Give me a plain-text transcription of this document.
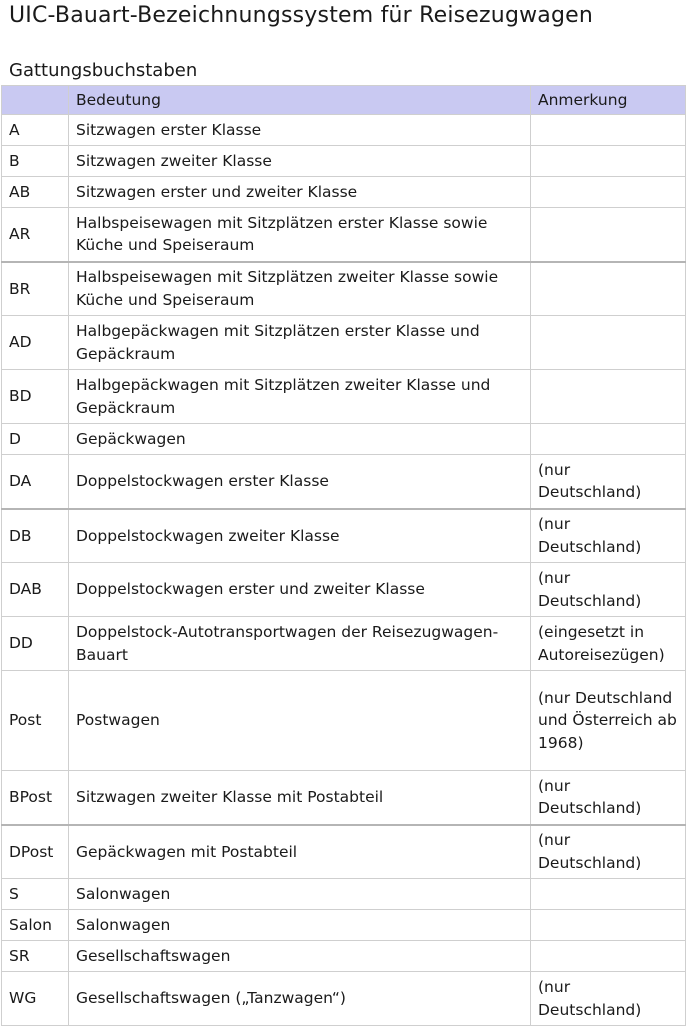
UIC-Bauart-Bezeichnungssystem für Reisezugwagen
Gattungsbuchstaben
	Bedeutung	Anmerkung
A	Sitzwagen erster Klasse	
B	Sitzwagen zweiter Klasse	
AB	Sitzwagen erster und zweiter Klasse	
AR	Halbspeisewagen mit Sitzplätzen erster Klasse sowie Küche und Speiseraum	
BR	Halbspeisewagen mit Sitzplätzen zweiter Klasse sowie Küche und Speiseraum	
AD	Halbgepäckwagen mit Sitzplätzen erster Klasse und Gepäckraum	
BD	Halbgepäckwagen mit Sitzplätzen zweiter Klasse und Gepäckraum	
D	Gepäckwagen	
DA	Doppelstockwagen erster Klasse	(nur Deutschland)
DB	Doppelstockwagen zweiter Klasse	(nur Deutschland)
DAB	Doppelstockwagen erster und zweiter Klasse	(nur Deutschland)
DD	Doppelstock-Autotransportwagen der Reisezugwagen-Bauart	(eingesetzt in Autoreisezügen)
Post	Postwagen	(nur Deutschland und Österreich ab 1968)
BPost	Sitzwagen zweiter Klasse mit Postabteil	(nur Deutschland)
DPost	Gepäckwagen mit Postabteil	(nur Deutschland)
S	Salonwagen	
Salon	Salonwagen	
SR	Gesellschaftswagen	
WG	Gesellschaftswagen („Tanzwagen“)	(nur Deutschland)
